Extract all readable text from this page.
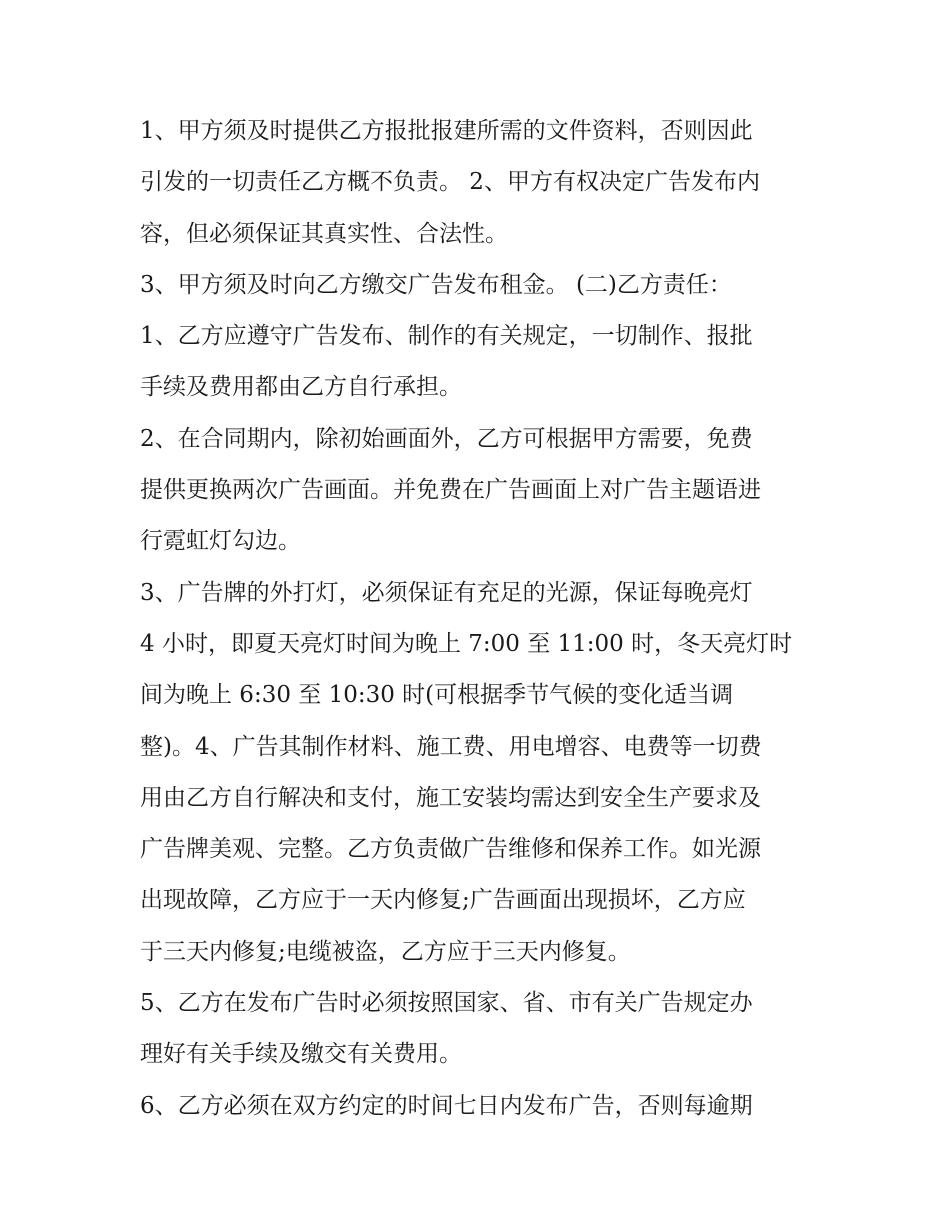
1、甲方须及时提供乙方报批报建所需的文件资料，否则因此

引发的一切责任乙方概不负责。 2、甲方有权决定广告发布内

容，但必须保证其真实性、合法性。

3、甲方须及时向乙方缴交广告发布租金。 (二)乙方责任：

1、乙方应遵守广告发布、制作的有关规定，一切制作、报批

手续及费用都由乙方自行承担。

2、在合同期内，除初始画面外，乙方可根据甲方需要，免费

提供更换两次广告画面。并免费在广告画面上对广告主题语进

行霓虹灯勾边。

3、广告牌的外打灯，必须保证有充足的光源，保证每晚亮灯

4 小时，即夏天亮灯时间为晚上 7:00 至 11:00 时，冬天亮灯时

间为晚上 6:30 至 10:30 时(可根据季节气候的变化适当调

整)。4、广告其制作材料、施工费、用电增容、电费等一切费

用由乙方自行解决和支付，施工安装均需达到安全生产要求及

广告牌美观、完整。乙方负责做广告维修和保养工作。如光源

出现故障，乙方应于一天内修复;广告画面出现损坏，乙方应

于三天内修复;电缆被盗，乙方应于三天内修复。

5、乙方在发布广告时必须按照国家、省、市有关广告规定办

理好有关手续及缴交有关费用。

6、乙方必须在双方约定的时间七日内发布广告，否则每逾期
